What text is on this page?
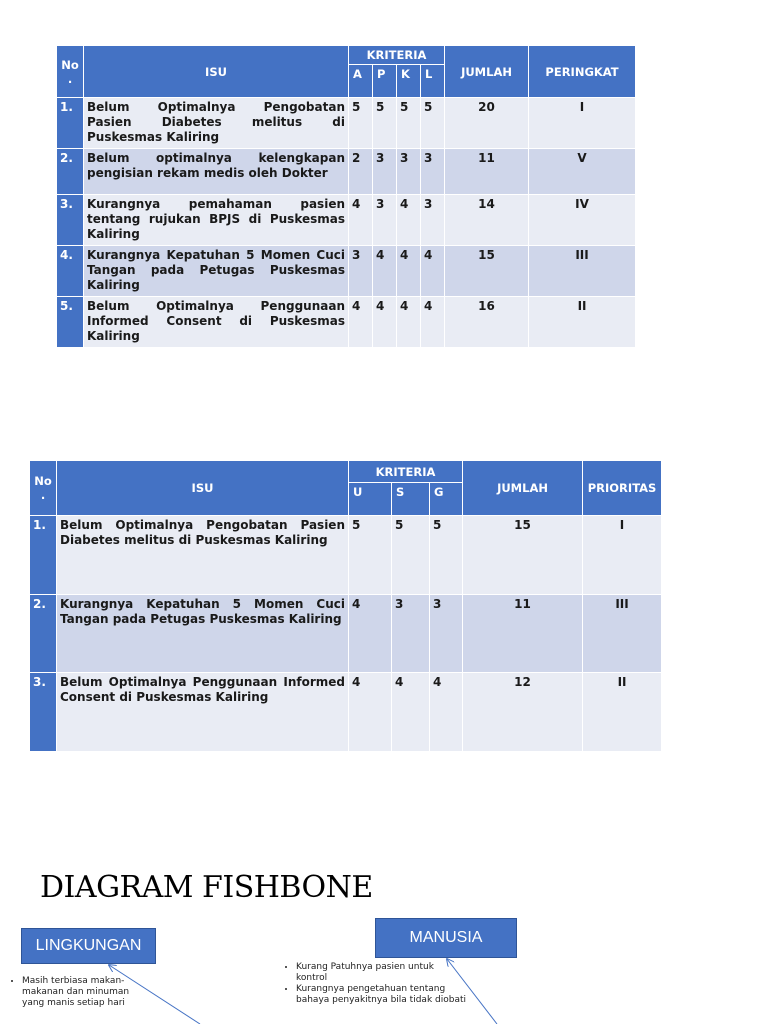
No .	ISU	KRITERIA				JUMLAH	PERINGKAT
		A	P	K	L		
1.	Belum Optimalnya Pengobatan Pasien Diabetes melitus di Puskesmas Kaliring	5	5	5	5	20	I
2.	Belum optimalnya kelengkapan pengisian rekam medis oleh Dokter	2	3	3	3	11	V
3.	Kurangnya pemahaman pasien tentang rujukan BPJS di Puskesmas Kaliring	4	3	4	3	14	IV
4.	Kurangnya Kepatuhan 5 Momen Cuci Tangan pada Petugas Puskesmas Kaliring	3	4	4	4	15	III
5.	Belum Optimalnya Penggunaan Informed Consent di Puskesmas Kaliring	4	4	4	4	16	II
No .	ISU	KRITERIA			JUMLAH	PRIORITAS
		U	S	G		
1.	Belum Optimalnya Pengobatan Pasien Diabetes melitus di Puskesmas Kaliring	5	5	5	15	I
2.	Kurangnya Kepatuhan 5 Momen Cuci Tangan pada Petugas Puskesmas Kaliring	4	3	3	11	III
3.	Belum Optimalnya Penggunaan Informed Consent di Puskesmas Kaliring	4	4	4	12	II
DIAGRAM FISHBONE
LINGKUNGAN	MANUSIA
• Masih terbiasa makan-makanan dan minuman yang manis setiap hari
• Kurang Patuhnya pasien untuk kontrol
• Kurangnya pengetahuan tentang bahaya penyakitnya bila tidak diobati
